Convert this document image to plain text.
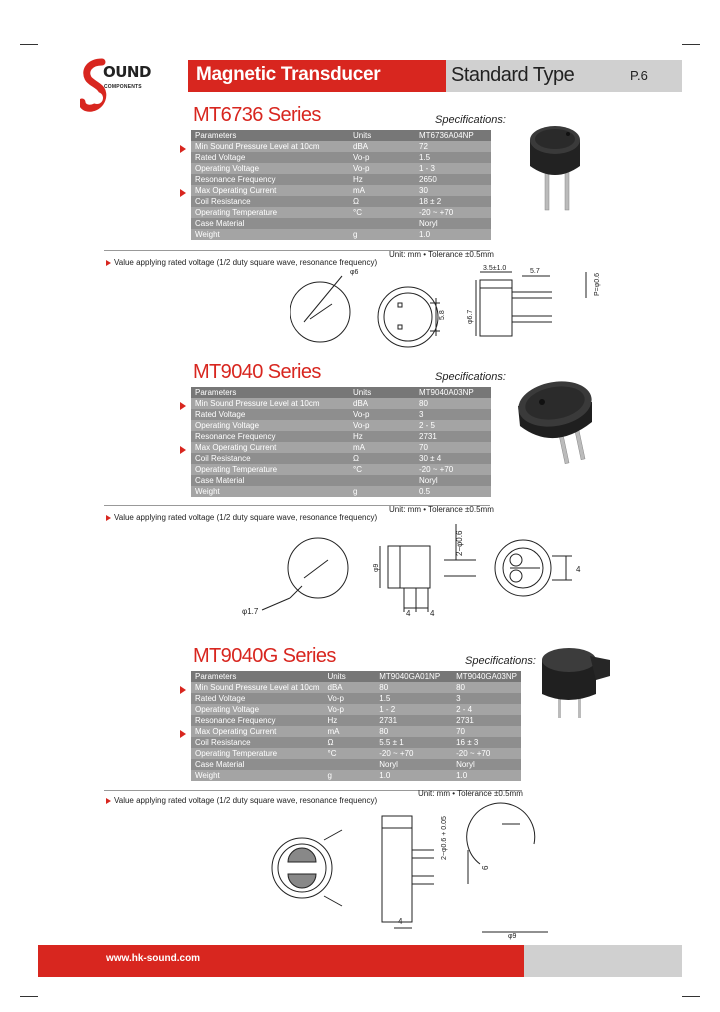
OUND
COMPONENTS
Magnetic Transducer	Standard Type	P.6
MT6736 Series	Specifications:
Parameters	Units	MT6736A04NP
Min Sound Pressure Level at 10cm	dBA	72
Rated Voltage	Vo-p	1.5
Operating Voltage	Vo-p	1 - 3
Resonance Frequency	Hz	2650
Max Operating Current	mA	30
Coil Resistance	Ω	18 ± 2
Operating Temperature	°C	-20 ~ +70
Case Material		Noryl
Weight	g	1.0
Unit: mm • Tolerance ±0.5mm
Value applying rated voltage (1/2 duty square wave, resonance frequency)
φ6
5.8
3.5±1.0	5.7
φ6.7
P=φ0.6
MT9040 Series	Specifications:
Parameters	Units	MT9040A03NP
Min Sound Pressure Level at 10cm	dBA	80
Rated Voltage	Vo-p	3
Operating Voltage	Vo-p	2 - 5
Resonance Frequency	Hz	2731
Max Operating Current	mA	70
Coil Resistance	Ω	30 ± 4
Operating Temperature	°C	-20 ~ +70
Case Material		Noryl
Weight	g	0.5
Unit: mm • Tolerance ±0.5mm
Value applying rated voltage (1/2 duty square wave, resonance frequency)
φ9
4 4
4
2−φ0.6
φ1.7
MT9040G Series	Specifications:
Parameters	Units	MT9040GA01NP	MT9040GA03NP
Min Sound Pressure Level at 10cm	dBA	80	80
Rated Voltage	Vo-p	1.5	3
Operating Voltage	Vo-p	1 - 2	2 - 4
Resonance Frequency	Hz	2731	2731
Max Operating Current	mA	80	70
Coil Resistance	Ω	5.5 ± 1	16 ± 3
Operating Temperature	°C	-20 ~ +70	-20 ~ +70
Case Material		Noryl	Noryl
Weight	g	1.0	1.0
Unit: mm • Tolerance ±0.5mm
Value applying rated voltage (1/2 duty square wave, resonance frequency)
4
2−φ0.6 + 0.05
φ9
6
www.hk-sound.com
